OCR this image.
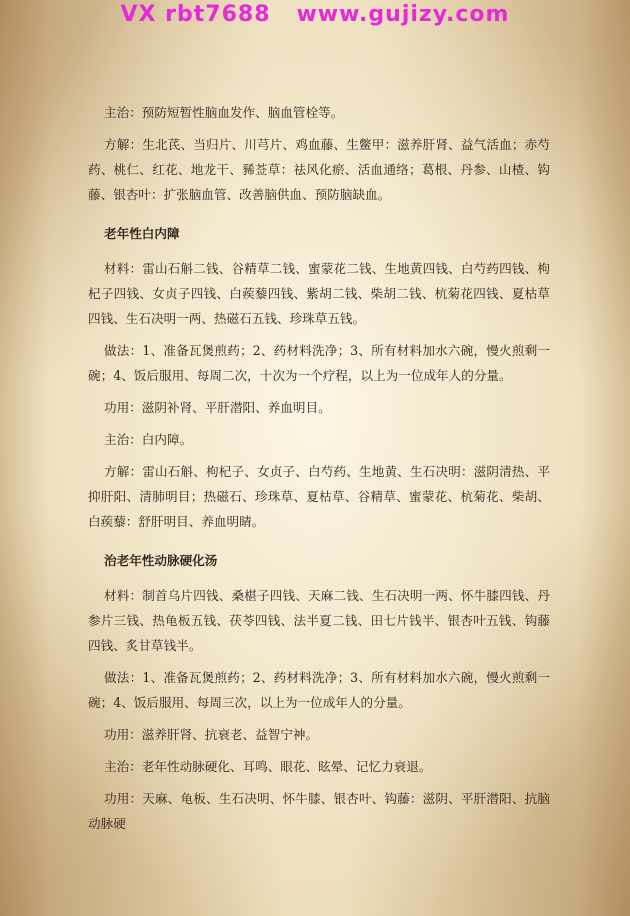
VX rbt7688   www.gujizy.com

主治：预防短暂性脑血发作、脑血管栓等。

方解：生北芪、当归片、川芎片、鸡血藤、生鳖甲：滋养肝肾、益气活血；赤芍药、桃仁、红花、地龙干、豨莶草：祛风化瘀、活血通络；葛根、丹参、山楂、钩藤、银杏叶：扩张脑血管、改善脑供血、预防脑缺血。

老年性白内障

材料：雷山石斛二钱、谷精草二钱、蜜蒙花二钱、生地黄四钱、白芍药四钱、枸杞子四钱、女贞子四钱、白蒺藜四钱、紫胡二钱、柴胡二钱、杭菊花四钱、夏枯草四钱、生石决明一两、热磁石五钱、珍珠草五钱。

做法：1、准备瓦煲煎药；2、药材料洗净；3、所有材料加水六碗，慢火煎剩一碗；4、饭后服用、每周二次，十次为一个疗程，以上为一位成年人的分量。

功用：滋阴补肾、平肝潜阳、养血明目。

主治：白内障。

方解：雷山石斛、枸杞子、女贞子、白芍药、生地黄、生石决明：滋阴清热、平抑肝阳、清肺明目；热磁石、珍珠草、夏枯草、谷精草、蜜蒙花、杭菊花、柴胡、白蒺藜：舒肝明目、养血明睛。

治老年性动脉硬化汤

材料：制首乌片四钱、桑椹子四钱、天麻二钱、生石决明一两、怀牛膝四钱、丹参片三钱、热龟板五钱、茯苓四钱、法半夏二钱、田七片钱半、银杏叶五钱、钩藤四钱、炙甘草钱半。

做法：1、准备瓦煲煎药；2、药材料洗净；3、所有材料加水六碗，慢火煎剩一碗；4、饭后服用、每周三次，以上为一位成年人的分量。

功用：滋养肝肾、抗衰老、益智宁神。

主治：老年性动脉硬化、耳鸣、眼花、眩晕、记忆力衰退。

功用：天麻、龟板、生石决明、怀牛膝、银杏叶、钩藤：滋阴、平肝潜阳、抗脑动脉硬
